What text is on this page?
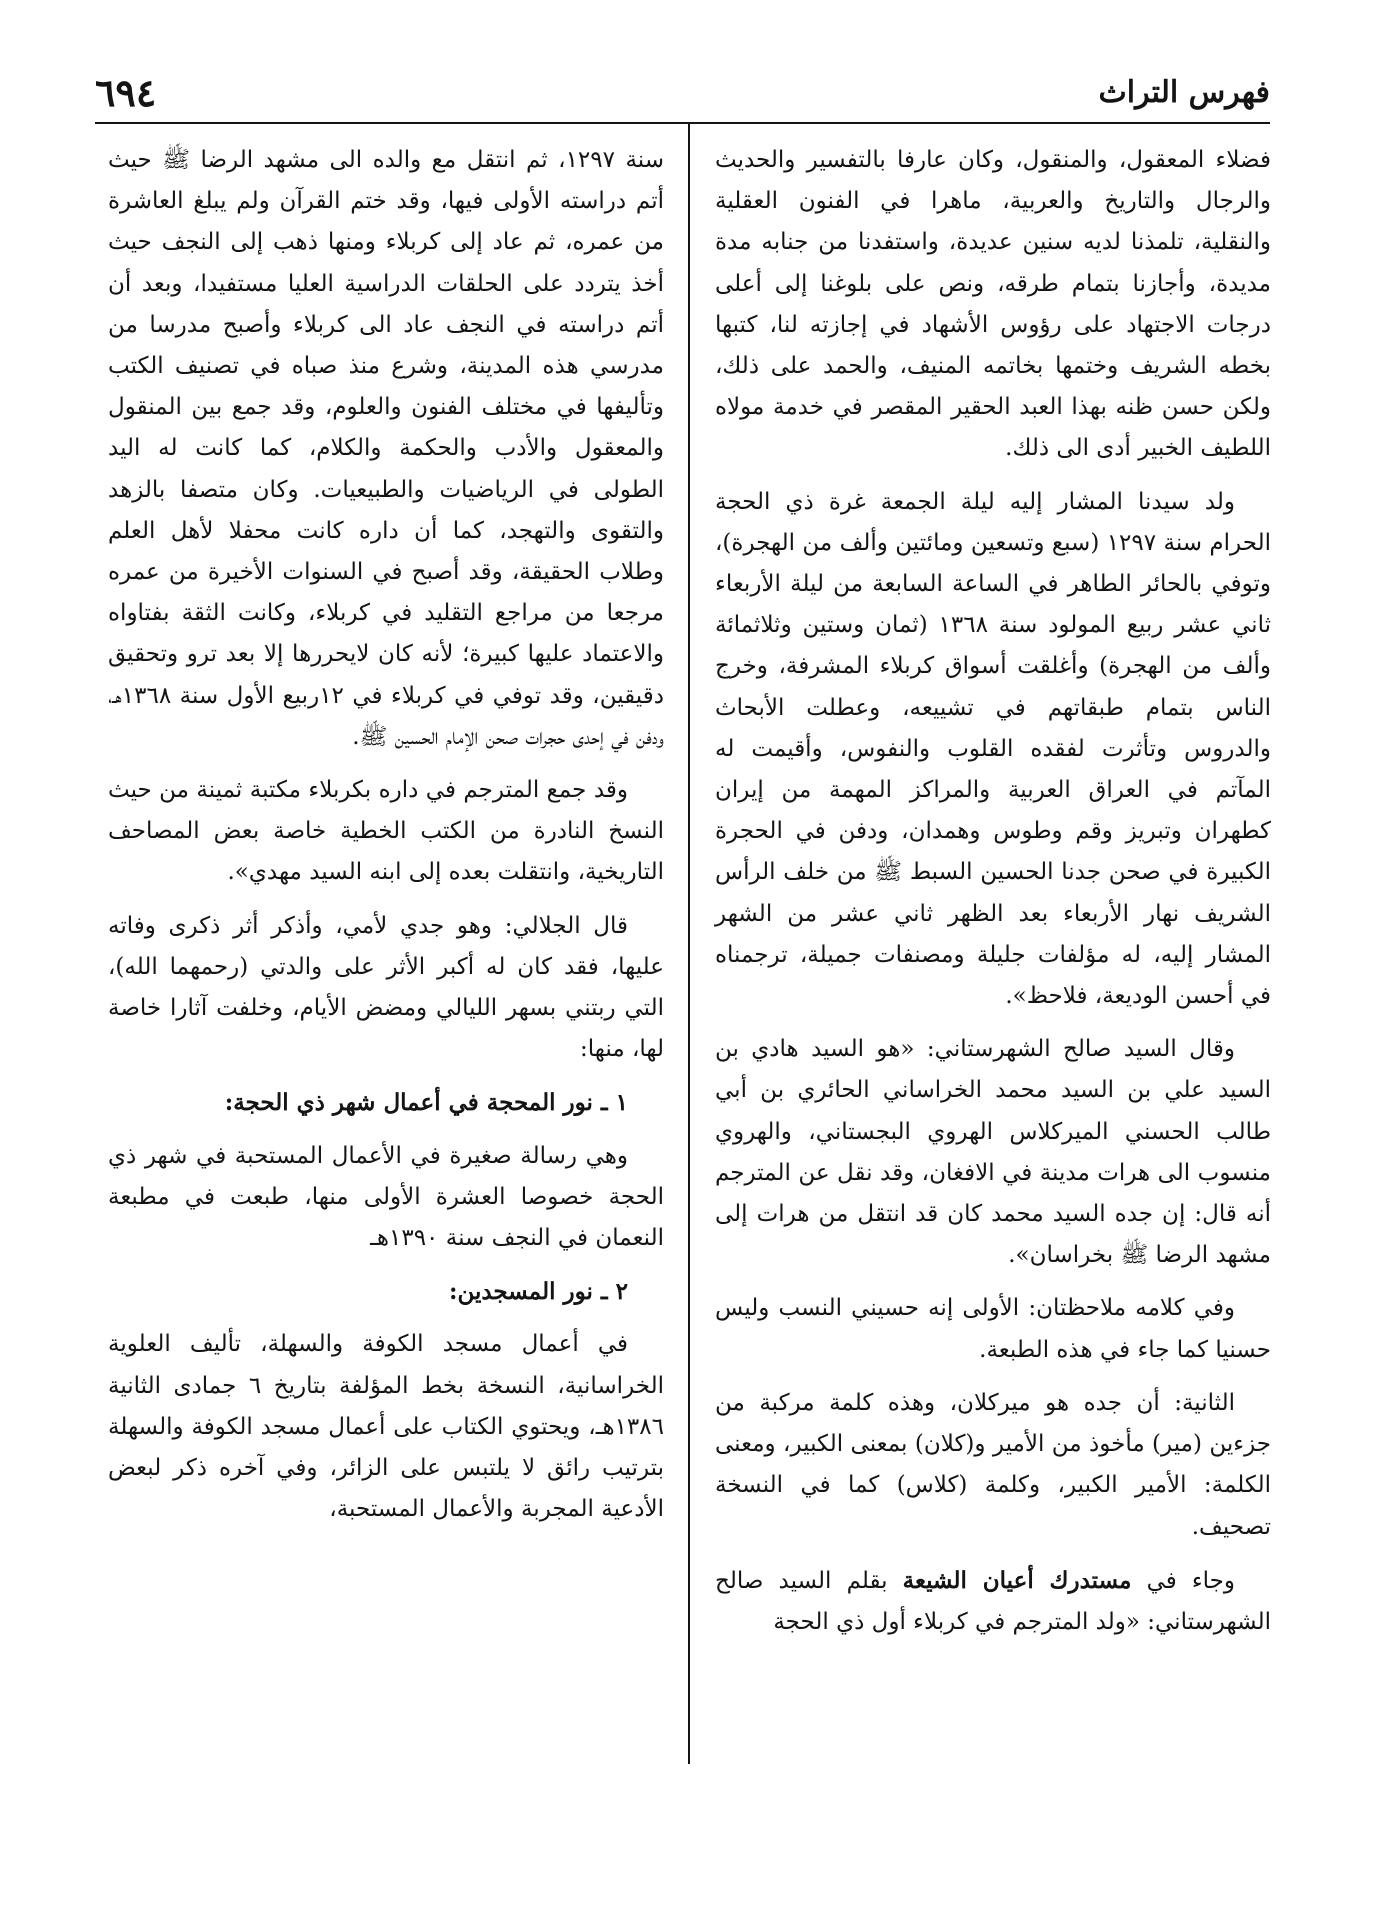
٦٩٤	فهرس التراث

فضلاء المعقول، والمنقول، وكان عارفا بالتفسير والحديث والرجال والتاريخ والعربية، ماهرا في الفنون العقلية والنقلية، تلمذنا لديه سنين عديدة، واستفدنا من جنابه مدة مديدة، وأجازنا بتمام طرقه، ونص على بلوغنا إلى أعلى درجات الاجتهاد على رؤوس الأشهاد في إجازته لنا، كتبها بخطه الشريف وختمها بخاتمه المنيف، والحمد على ذلك، ولكن حسن ظنه بهذا العبد الحقير المقصر في خدمة مولاه اللطيف الخبير أدى الى ذلك.

ولد سيدنا المشار إليه ليلة الجمعة غرة ذي الحجة الحرام سنة ١٢٩٧ (سبع وتسعين ومائتين وألف من الهجرة)، وتوفي بالحائر الطاهر في الساعة السابعة من ليلة الأربعاء ثاني عشر ربيع المولود سنة ١٣٦٨ (ثمان وستين وثلاثمائة وألف من الهجرة) وأغلقت أسواق كربلاء المشرفة، وخرج الناس بتمام طبقاتهم في تشييعه، وعطلت الأبحاث والدروس وتأثرت لفقده القلوب والنفوس، وأقيمت له المآتم في العراق العربية والمراكز المهمة من إيران كطهران وتبريز وقم وطوس وهمدان، ودفن في الحجرة الكبيرة في صحن جدنا الحسين السبط ﷺ من خلف الرأس الشريف نهار الأربعاء بعد الظهر ثاني عشر من الشهر المشار إليه، له مؤلفات جليلة ومصنفات جميلة، ترجمناه في أحسن الوديعة، فلاحظ».

وقال السيد صالح الشهرستاني: «هو السيد هادي بن السيد علي بن السيد محمد الخراساني الحائري بن أبي طالب الحسني الميركلاس الهروي البجستاني، والهروي منسوب الى هرات مدينة في الافغان، وقد نقل عن المترجم أنه قال: إن جده السيد محمد كان قد انتقل من هرات إلى مشهد الرضا ﷺ بخراسان».

وفي كلامه ملاحظتان: الأولى إنه حسيني النسب وليس حسنيا كما جاء في هذه الطبعة.

الثانية: أن جده هو ميركلان، وهذه كلمة مركبة من جزءين (مير) مأخوذ من الأمير و(كلان) بمعنى الكبير، ومعنى الكلمة: الأمير الكبير، وكلمة (كلاس) كما في النسخة تصحيف.

وجاء في مستدرك أعيان الشيعة بقلم السيد صالح الشهرستاني: «ولد المترجم في كربلاء أول ذي الحجة

سنة ١٢٩٧، ثم انتقل مع والده الى مشهد الرضا ﷺ حيث أتم دراسته الأولى فيها، وقد ختم القرآن ولم يبلغ العاشرة من عمره، ثم عاد إلى كربلاء ومنها ذهب إلى النجف حيث أخذ يتردد على الحلقات الدراسية العليا مستفيدا، وبعد أن أتم دراسته في النجف عاد الى كربلاء وأصبح مدرسا من مدرسي هذه المدينة، وشرع منذ صباه في تصنيف الكتب وتأليفها في مختلف الفنون والعلوم، وقد جمع بين المنقول والمعقول والأدب والحكمة والكلام، كما كانت له اليد الطولى في الرياضيات والطبيعيات. وكان متصفا بالزهد والتقوى والتهجد، كما أن داره كانت محفلا لأهل العلم وطلاب الحقيقة، وقد أصبح في السنوات الأخيرة من عمره مرجعا من مراجع التقليد في كربلاء، وكانت الثقة بفتاواه والاعتماد عليها كبيرة؛ لأنه كان لايحررها إلا بعد ترو وتحقيق دقيقين، وقد توفي في كربلاء في ١٢ربيع الأول سنة ١٣٦٨هـ، ودفن في إحدى حجرات صحن الإمام الحسين ﷺ.

وقد جمع المترجم في داره بكربلاء مكتبة ثمينة من حيث النسخ النادرة من الكتب الخطية خاصة بعض المصاحف التاريخية، وانتقلت بعده إلى ابنه السيد مهدي».

قال الجلالي: وهو جدي لأمي، وأذكر أثر ذكرى وفاته عليها، فقد كان له أكبر الأثر على والدتي (رحمهما الله)، التي ربتني بسهر الليالي ومضض الأيام، وخلفت آثارا خاصة لها، منها:

١ ـ نور المحجة في أعمال شهر ذي الحجة:

وهي رسالة صغيرة في الأعمال المستحبة في شهر ذي الحجة خصوصا العشرة الأولى منها، طبعت في مطبعة النعمان في النجف سنة ١٣٩٠هـ

٢ ـ نور المسجدين:

في أعمال مسجد الكوفة والسهلة، تأليف العلوية الخراسانية، النسخة بخط المؤلفة بتاريخ ٦ جمادى الثانية ١٣٨٦هـ، ويحتوي الكتاب على أعمال مسجد الكوفة والسهلة بترتيب رائق لا يلتبس على الزائر، وفي آخره ذكر لبعض الأدعية المجربة والأعمال المستحبة،
